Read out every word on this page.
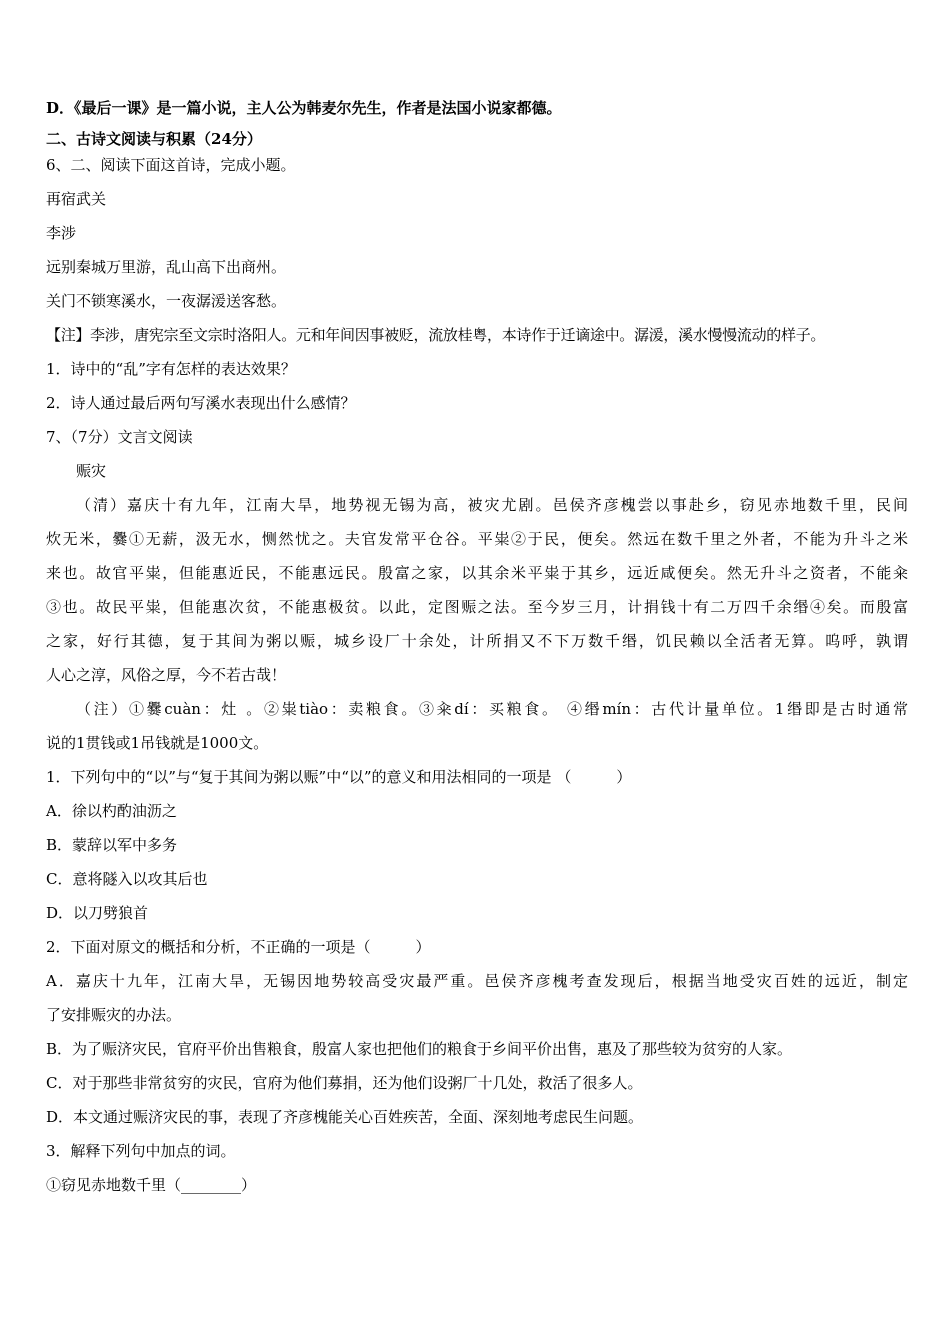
D．《最后一课》是一篇小说，主人公为韩麦尔先生，作者是法国小说家都德。
二、古诗文阅读与积累（24分）
6、二、阅读下面这首诗，完成小题。
再宿武关
李涉
远别秦城万里游，乱山高下出商州。
关门不锁寒溪水，一夜潺湲送客愁。
【注】李涉，唐宪宗至文宗时洛阳人。元和年间因事被贬，流放桂粤，本诗作于迁谪途中。潺湲，溪水慢慢流动的样子。
1．诗中的“乱”字有怎样的表达效果？
2．诗人通过最后两句写溪水表现出什么感情？
7、（7分）文言文阅读
赈灾
（清）嘉庆十有九年，江南大旱，地势视无锡为高，被灾尤剧。邑侯齐彦槐尝以事赴乡，窃见赤地数千里，民间
炊无米，爨①无薪，汲无水，恻然忧之。夫官发常平仓谷。平粜②于民，便矣。然远在数千里之外者，不能为升斗之米
来也。故官平粜，但能惠近民，不能惠远民。殷富之家，以其余米平粜于其乡，远近咸便矣。然无升斗之资者，不能籴
③也。故民平粜，但能惠次贫，不能惠极贫。以此，定图赈之法。至今岁三月，计捐钱十有二万四千余缗④矣。而殷富
之家，好行其德，复于其间为粥以赈，城乡设厂十余处，计所捐又不下万数千缗，饥民赖以全活者无算。呜呼，孰谓
人心之淳，风俗之厚，今不若古哉！
（注）①爨cuàn：灶 。②粜tiào：卖粮食。③籴dí：买粮食。 ④缗mín：古代计量单位。1缗即是古时通常
说的1贯钱或1吊钱就是1000文。
1．下列句中的“以”与“复于其间为粥以赈”中“以”的意义和用法相同的一项是 （　　　）
A．徐以杓酌油沥之
B．蒙辞以军中多务
C．意将隧入以攻其后也
D．以刀劈狼首
2．下面对原文的概括和分析，不正确的一项是（　　　）
A．嘉庆十九年，江南大旱，无锡因地势较高受灾最严重。邑侯齐彦槐考查发现后，根据当地受灾百姓的远近，制定
了安排赈灾的办法。
B．为了赈济灾民，官府平价出售粮食，殷富人家也把他们的粮食于乡间平价出售，惠及了那些较为贫穷的人家。
C．对于那些非常贫穷的灾民，官府为他们募捐，还为他们设粥厂十几处，救活了很多人。
D．本文通过赈济灾民的事，表现了齐彦槐能关心百姓疾苦，全面、深刻地考虑民生问题。
3．解释下列句中加点的词。
①窃见赤地数千里（________）
